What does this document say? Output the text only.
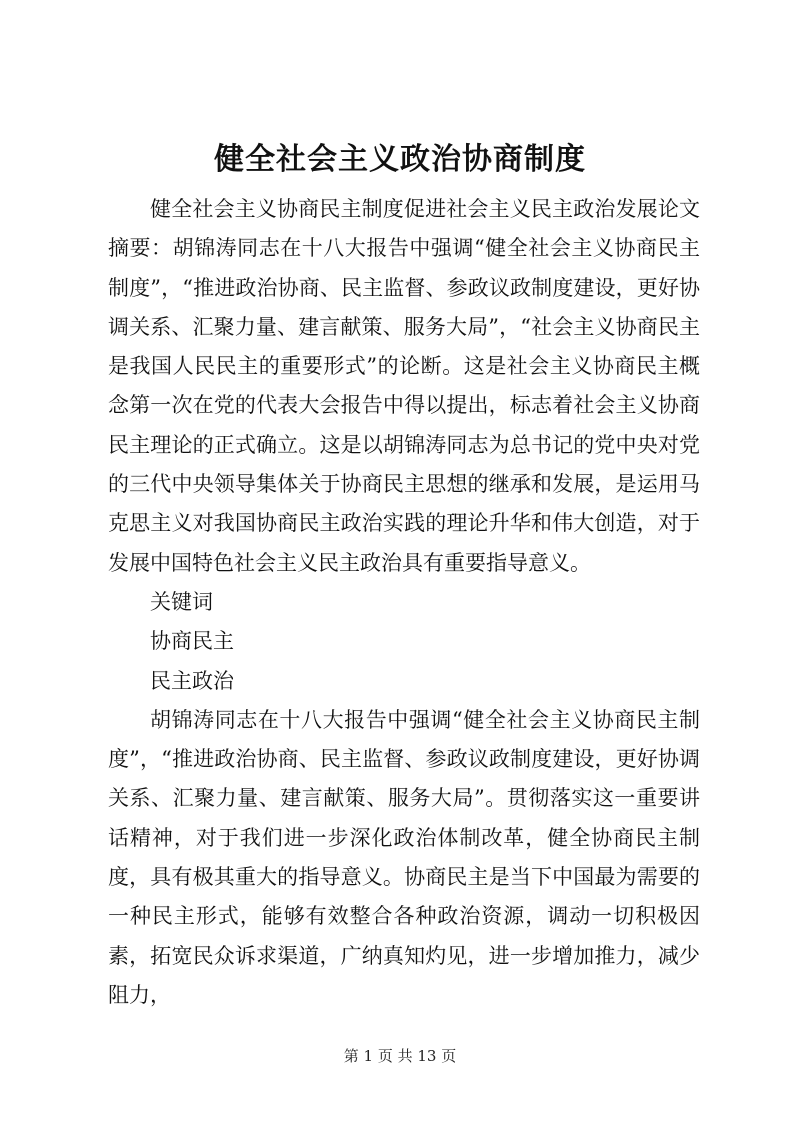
健全社会主义政治协商制度

健全社会主义协商民主制度促进社会主义民主政治发展论文摘要：胡锦涛同志在十八大报告中强调“健全社会主义协商民主制度”，“推进政治协商、民主监督、参政议政制度建设，更好协调关系、汇聚力量、建言献策、服务大局”，“社会主义协商民主是我国人民民主的重要形式”的论断。这是社会主义协商民主概念第一次在党的代表大会报告中得以提出，标志着社会主义协商民主理论的正式确立。这是以胡锦涛同志为总书记的党中央对党的三代中央领导集体关于协商民主思想的继承和发展，是运用马克思主义对我国协商民主政治实践的理论升华和伟大创造，对于发展中国特色社会主义民主政治具有重要指导意义。

关键词

协商民主

民主政治

胡锦涛同志在十八大报告中强调“健全社会主义协商民主制度”，“推进政治协商、民主监督、参政议政制度建设，更好协调关系、汇聚力量、建言献策、服务大局”。贯彻落实这一重要讲话精神，对于我们进一步深化政治体制改革，健全协商民主制度，具有极其重大的指导意义。协商民主是当下中国最为需要的一种民主形式，能够有效整合各种政治资源，调动一切积极因素，拓宽民众诉求渠道，广纳真知灼见，进一步增加推力，减少阻力，

第 1 页 共 13 页
